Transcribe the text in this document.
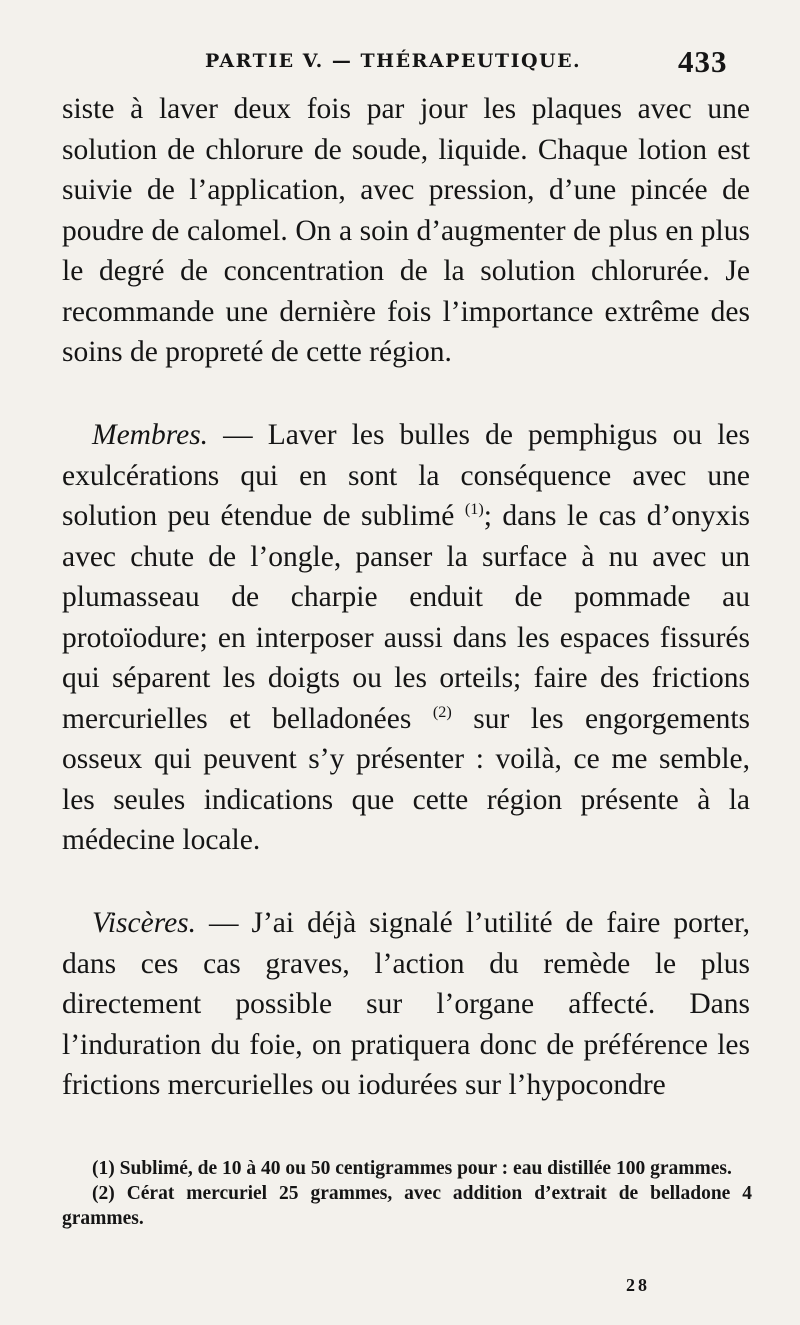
PARTIE V. — THÉRAPEUTIQUE.	433

siste à laver deux fois par jour les plaques avec une solution de chlorure de soude, liquide. Chaque lotion est suivie de l’application, avec pression, d’une pincée de poudre de calomel. On a soin d’augmenter de plus en plus le degré de concentration de la solution chlorurée. Je recommande une dernière fois l’importance extrême des soins de propreté de cette région.

Membres. — Laver les bulles de pemphigus ou les exulcérations qui en sont la conséquence avec une solution peu étendue de sublimé $^{(1)}$; dans le cas d’onyxis avec chute de l’ongle, panser la surface à nu avec un plumasseau de charpie enduit de pommade au protoïodure; en interposer aussi dans les espaces fissurés qui séparent les doigts ou les orteils; faire des frictions mercurielles et belladonées $^{(2)}$ sur les engorgements osseux qui peuvent s’y présenter : voilà, ce me semble, les seules indications que cette région présente à la médecine locale.

Viscères. — J’ai déjà signalé l’utilité de faire porter, dans ces cas graves, l’action du remède le plus directement possible sur l’organe affecté. Dans l’induration du foie, on pratiquera donc de préférence les frictions mercurielles ou iodurées sur l’hypocondre

(1) Sublimé, de 10 à 40 ou 50 centigrammes pour : eau distillée 100 grammes.

(2) Cérat mercuriel 25 grammes, avec addition d’extrait de belladone 4 grammes.

28
